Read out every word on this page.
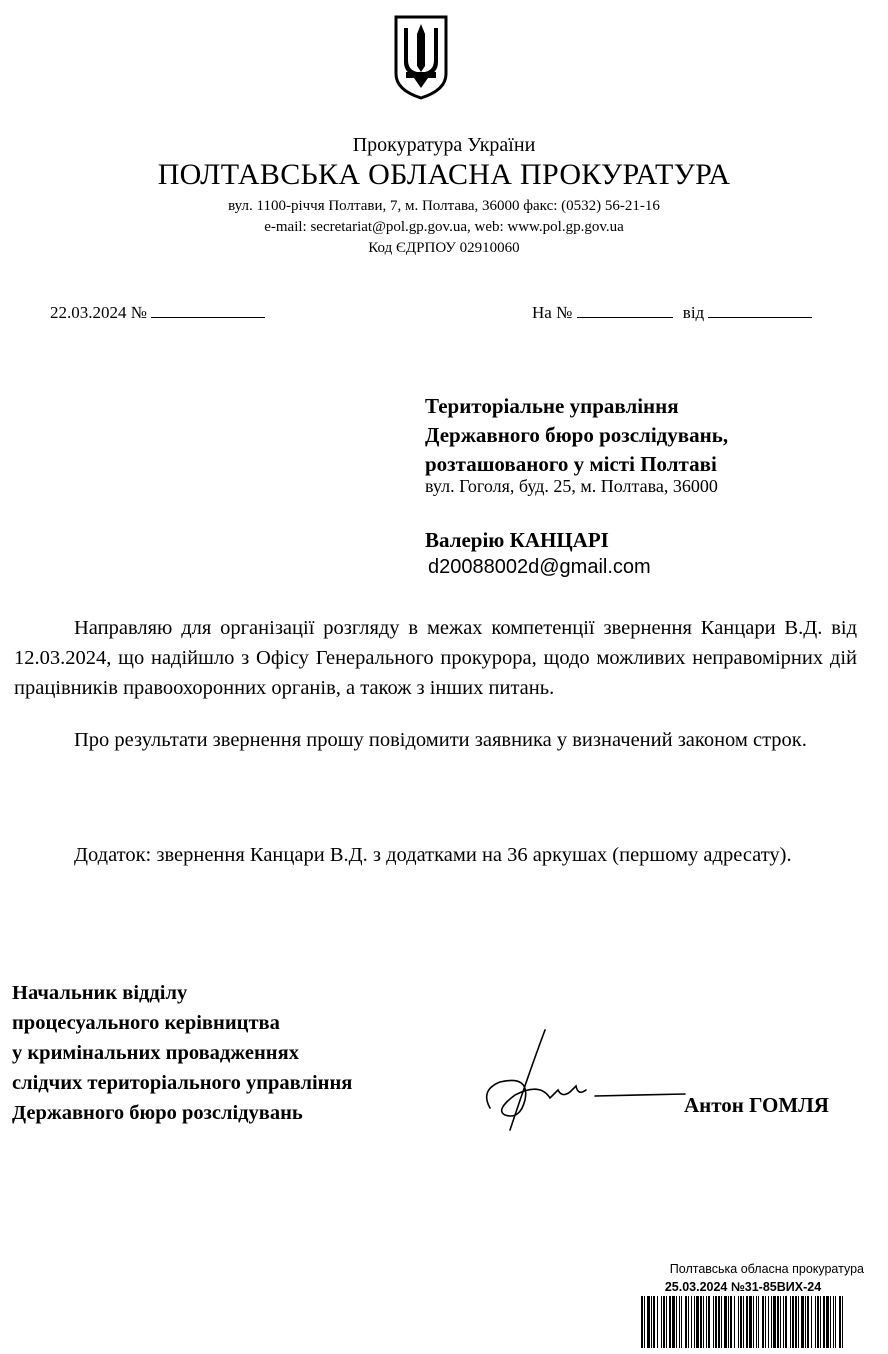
Прокуратура України
ПОЛТАВСЬКА ОБЛАСНА ПРОКУРАТУРА
вул. 1100-річчя Полтави, 7, м. Полтава, 36000 факс: (0532) 56-21-16
e-mail: secretariat@pol.gp.gov.ua, web: www.pol.gp.gov.ua
Код ЄДРПОУ 02910060
22.03.2024 №	На №	від
Територіальне управління
Державного бюро розслідувань,
розташованого у місті Полтаві
вул. Гоголя, буд. 25, м. Полтава, 36000
Валерію КАНЦАРІ
d20088002d@gmail.com
Направляю для організації розгляду в межах компетенції звернення Канцари В.Д. від 12.03.2024, що надійшло з Офісу Генерального прокурора, щодо можливих неправомірних дій працівників правоохоронних органів, а також з інших питань.
Про результати звернення прошу повідомити заявника у визначений законом строк.
Додаток: звернення Канцари В.Д. з додатками на 36 аркушах (першому адресату).
Начальник відділу
процесуального керівництва
у кримінальних провадженнях
слідчих територіального управління
Державного бюро розслідувань	Антон ГОМЛЯ
Полтавська обласна прокуратура
25.03.2024 №31-85ВИХ-24
